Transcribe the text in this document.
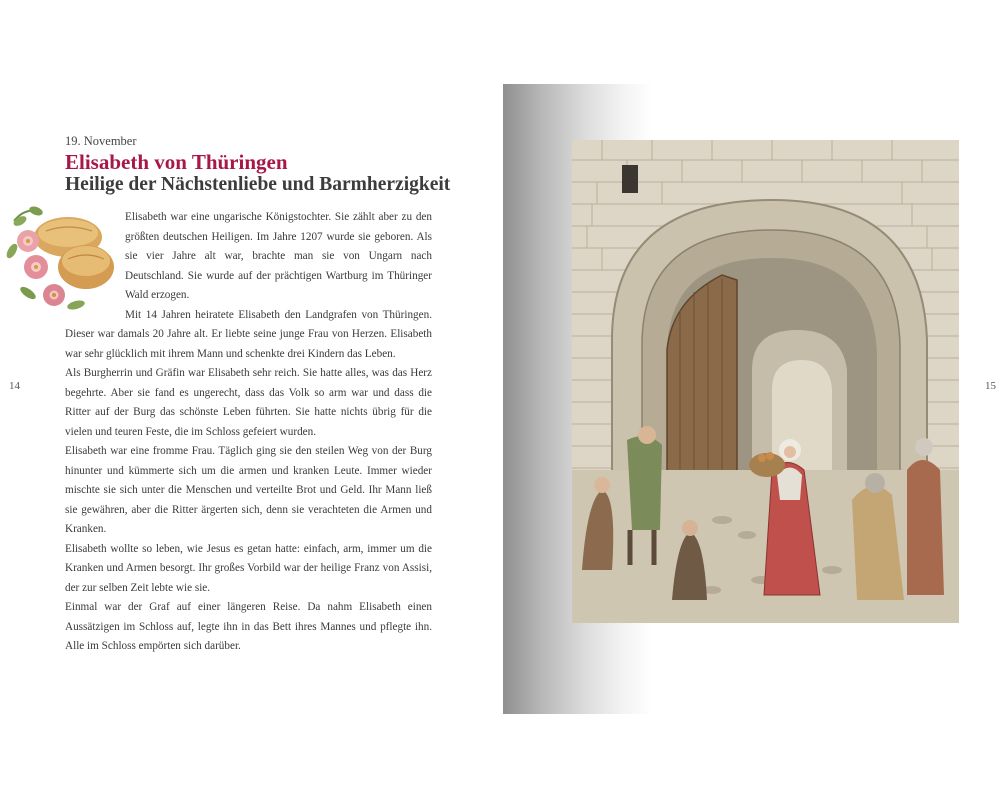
19. November
Elisabeth von Thüringen
Heilige der Nächstenliebe und Barmherzigkeit

Elisabeth war eine ungarische Königstochter. Sie zählt aber zu den größten deutschen Heiligen. Im Jahre 1207 wurde sie geboren. Als sie vier Jahre alt war, brachte man sie von Ungarn nach Deutschland. Sie wurde auf der prächtigen Wartburg im Thüringer Wald erzogen.

Mit 14 Jahren heiratete Elisabeth den Landgrafen von Thüringen. Dieser war damals 20 Jahre alt. Er liebte seine junge Frau von Herzen. Elisabeth war sehr glücklich mit ihrem Mann und schenkte drei Kindern das Leben.

Als Burgherrin und Gräfin war Elisabeth sehr reich. Sie hatte alles, was das Herz begehrte. Aber sie fand es ungerecht, dass das Volk so arm war und dass die Ritter auf der Burg das schönste Leben führten. Sie hatte nichts übrig für die vielen und teuren Feste, die im Schloss gefeiert wurden.

Elisabeth war eine fromme Frau. Täglich ging sie den steilen Weg von der Burg hinunter und kümmerte sich um die armen und kranken Leute. Immer wieder mischte sie sich unter die Menschen und verteilte Brot und Geld. Ihr Mann ließ sie gewähren, aber die Ritter ärgerten sich, denn sie verachteten die Armen und Kranken.

Elisabeth wollte so leben, wie Jesus es getan hatte: einfach, arm, immer um die Kranken und Armen besorgt. Ihr großes Vorbild war der heilige Franz von Assisi, der zur selben Zeit lebte wie sie.

Einmal war der Graf auf einer längeren Reise. Da nahm Elisabeth einen Aussätzigen im Schloss auf, legte ihn in das Bett ihres Mannes und pflegte ihn. Alle im Schloss empörten sich darüber.

14	15
